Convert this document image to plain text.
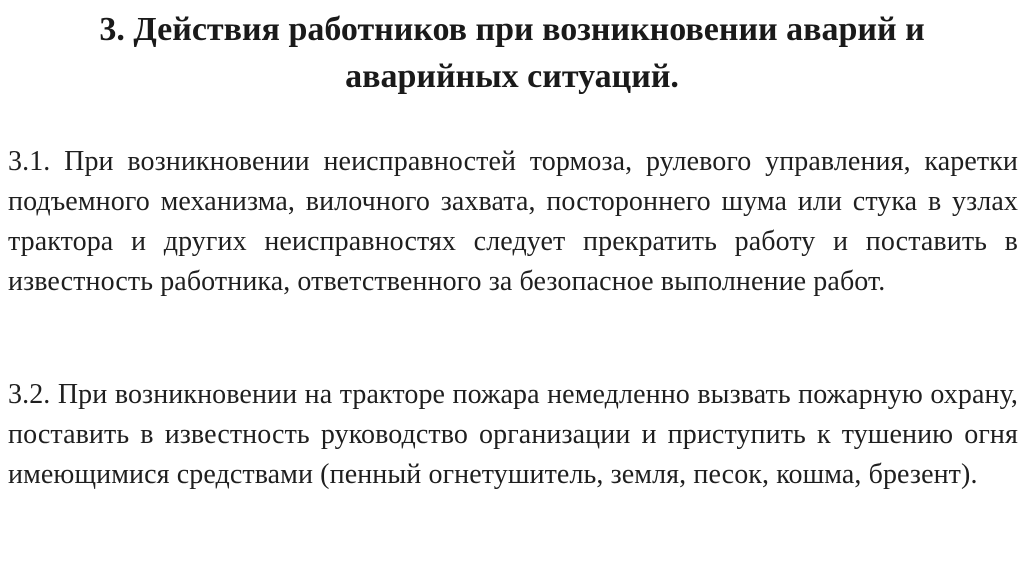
3. Действия работников при возникновении аварий и аварийных ситуаций.

3.1. При возникновении неисправностей тормоза, рулевого управления, каретки подъемного механизма, вилочного захвата, постороннего шума или стука в узлах трактора и других неисправностях следует прекратить работу и поставить в известность работника, ответственного за безопасное выполнение работ.

3.2. При возникновении на тракторе пожара немедленно вызвать пожарную охрану, поставить в известность руководство организации и приступить к тушению огня имеющимися средствами (пенный огнетушитель, земля, песок, кошма, брезент).
